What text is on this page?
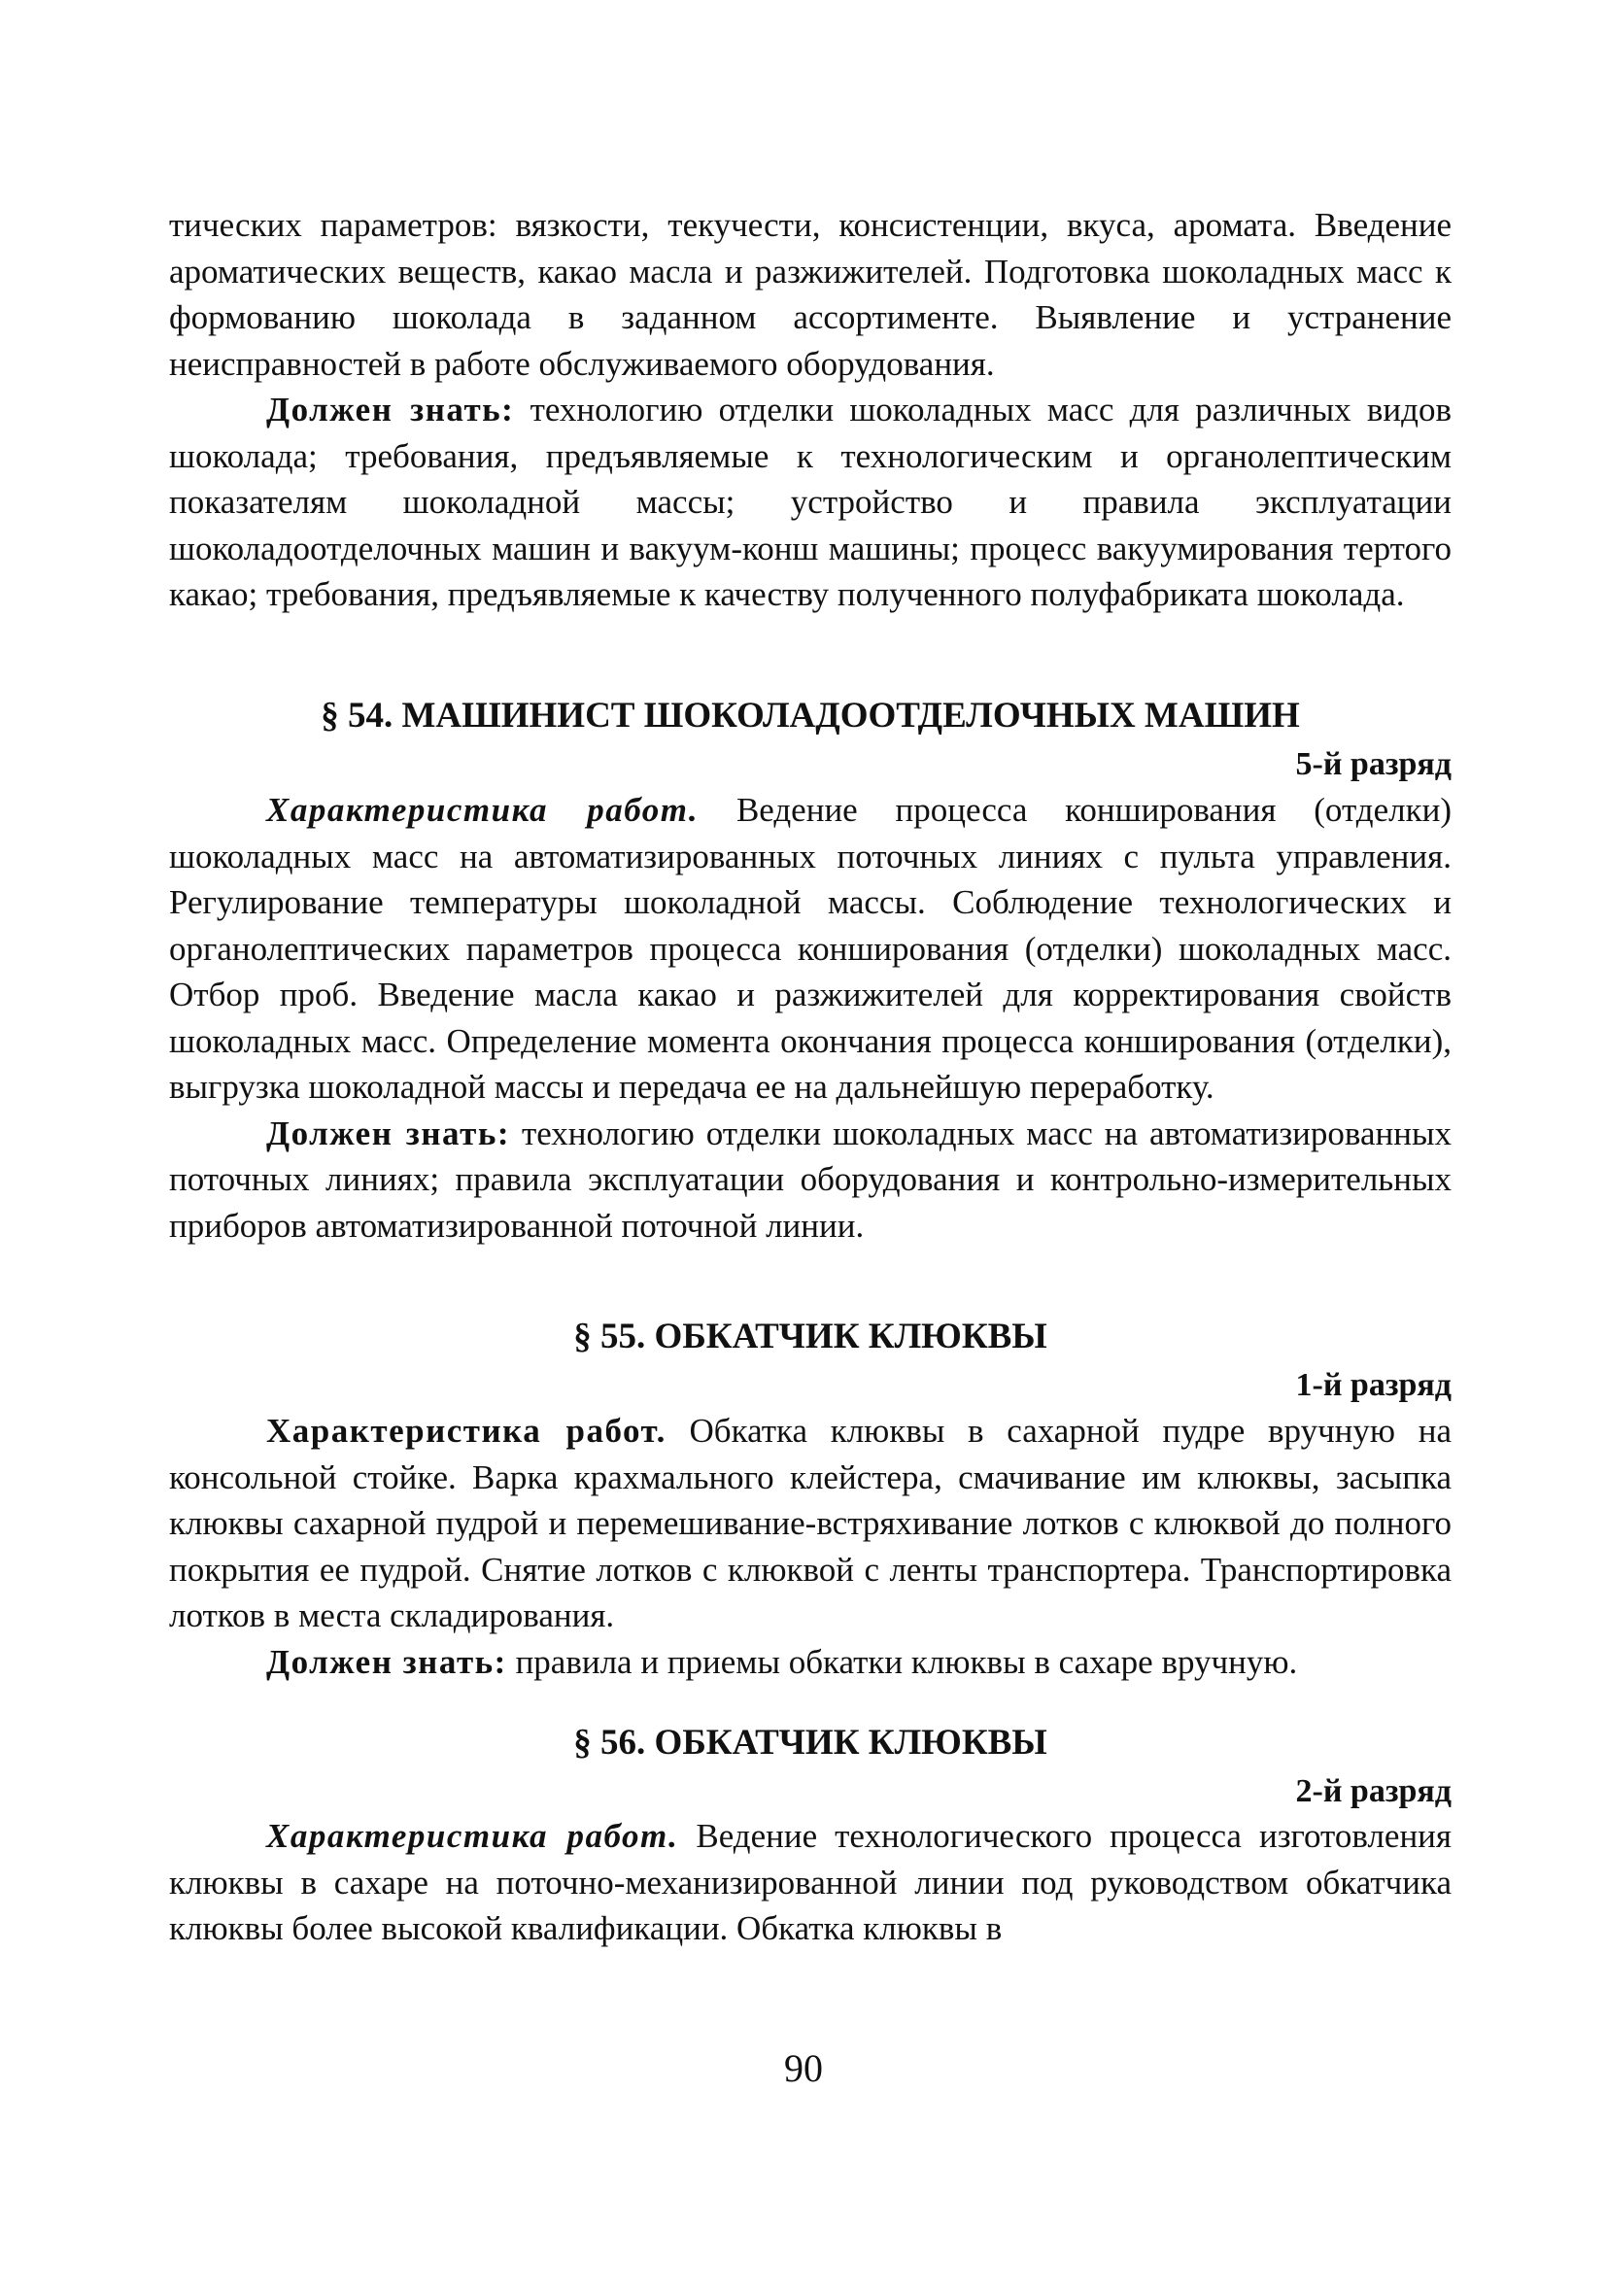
тических параметров: вязкости, текучести, консистенции, вкуса, аромата. Введение ароматических веществ, какао масла и разжижителей. Подготовка шоколадных масс к формованию шоколада в заданном ассортименте. Выявление и устранение неисправностей в работе обслуживаемого оборудования.

Должен знать: технологию отделки шоколадных масс для различных видов шоколада; требования, предъявляемые к технологическим и органолептическим показателям шоколадной массы; устройство и правила эксплуатации шоколадоотделочных машин и вакуум-конш машины; процесс вакуумирования тертого какао; требования, предъявляемые к качеству полученного полуфабриката шоколада.

§ 54. МАШИНИСТ ШОКОЛАДООТДЕЛОЧНЫХ МАШИН
5-й разряд

Характеристика работ. Ведение процесса конширования (отделки) шоколадных масс на автоматизированных поточных линиях с пульта управления. Регулирование температуры шоколадной массы. Соблюдение технологических и органолептических параметров процесса конширования (отделки) шоколадных масс. Отбор проб. Введение масла какао и разжижителей для корректирования свойств шоколадных масс. Определение момента окончания процесса конширования (отделки), выгрузка шоколадной массы и передача ее на дальнейшую переработку.

Должен знать: технологию отделки шоколадных масс на автоматизированных поточных линиях; правила эксплуатации оборудования и контрольно-измерительных приборов автоматизированной поточной линии.

§ 55. ОБКАТЧИК КЛЮКВЫ
1-й разряд

Характеристика работ. Обкатка клюквы в сахарной пудре вручную на консольной стойке. Варка крахмального клейстера, смачивание им клюквы, засыпка клюквы сахарной пудрой и перемешивание-встряхивание лотков с клюквой до полного покрытия ее пудрой. Снятие лотков с клюквой с ленты транспортера. Транспортировка лотков в места складирования.

Должен знать: правила и приемы обкатки клюквы в сахаре вручную.

§ 56. ОБКАТЧИК КЛЮКВЫ
2-й разряд

Характеристика работ. Ведение технологического процесса изготовления клюквы в сахаре на поточно-механизированной линии под руководством обкатчика клюквы более высокой квалификации. Обкатка клюквы в

90
